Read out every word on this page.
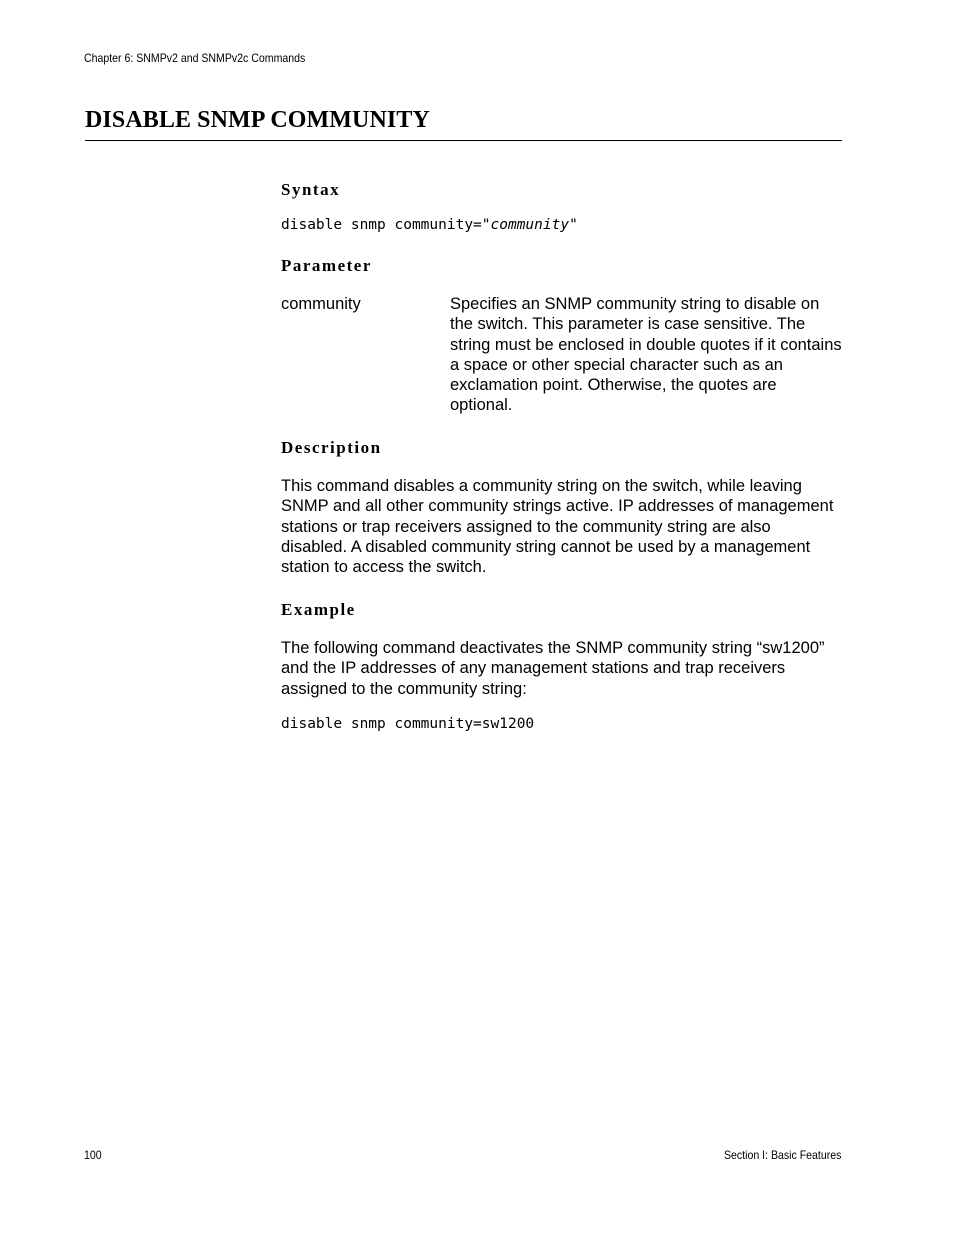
Chapter 6: SNMPv2 and SNMPv2c Commands
DISABLE SNMP COMMUNITY
Syntax
disable snmp community="community"
Parameter
community	Specifies an SNMP community string to disable on the switch. This parameter is case sensitive. The string must be enclosed in double quotes if it contains a space or other special character such as an exclamation point. Otherwise, the quotes are optional.

Description

This command disables a community string on the switch, while leaving SNMP and all other community strings active. IP addresses of management stations or trap receivers assigned to the community string are also disabled. A disabled community string cannot be used by a management station to access the switch.

Example

The following command deactivates the SNMP community string “sw1200” and the IP addresses of any management stations and trap receivers assigned to the community string:

disable snmp community=sw1200
100	Section I: Basic Features
